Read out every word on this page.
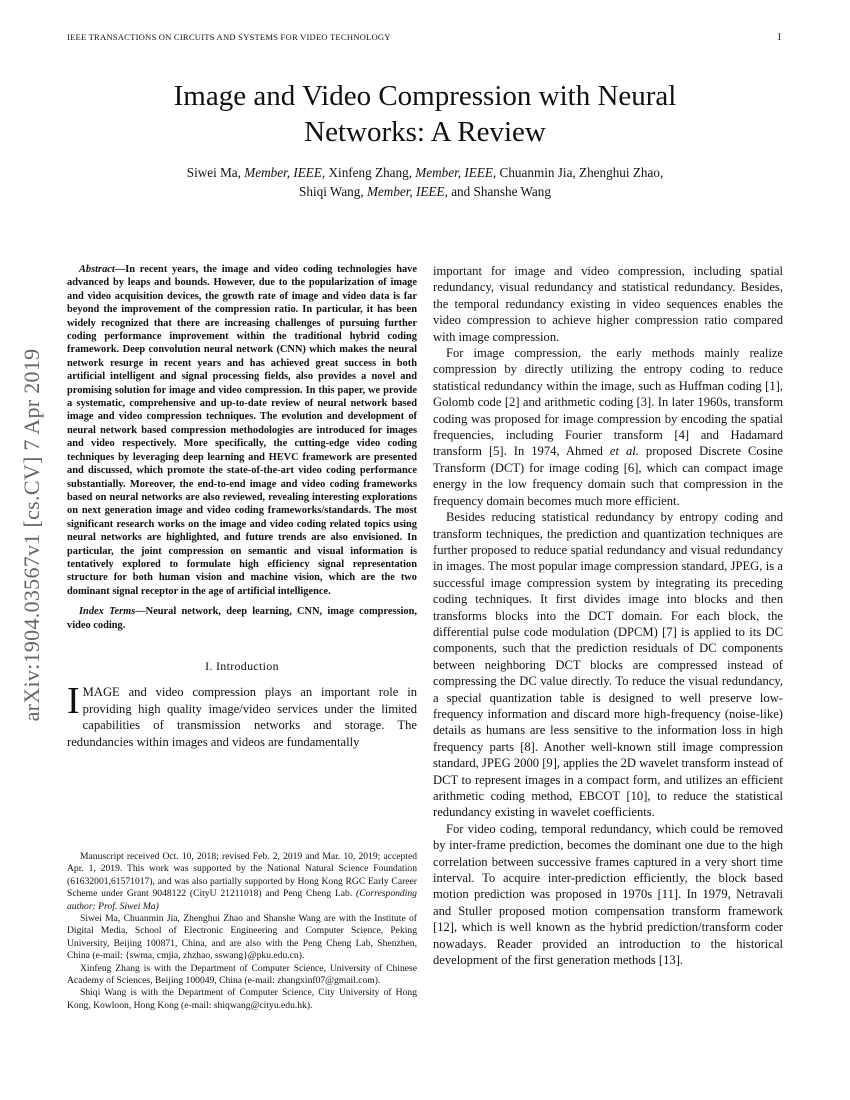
IEEE TRANSACTIONS ON CIRCUITS AND SYSTEMS FOR VIDEO TECHNOLOGY	1
arXiv:1904.03567v1 [cs.CV] 7 Apr 2019
Image and Video Compression with Neural
Networks: A Review
Siwei Ma, Member, IEEE, Xinfeng Zhang, Member, IEEE, Chuanmin Jia, Zhenghui Zhao,
Shiqi Wang, Member, IEEE, and Shanshe Wang

Abstract—In recent years, the image and video coding technologies have advanced by leaps and bounds. However, due to the popularization of image and video acquisition devices, the growth rate of image and video data is far beyond the improvement of the compression ratio. In particular, it has been widely recognized that there are increasing challenges of pursuing further coding performance improvement within the traditional hybrid coding framework. Deep convolution neural network (CNN) which makes the neural network resurge in recent years and has achieved great success in both artificial intelligent and signal processing fields, also provides a novel and promising solution for image and video compression. In this paper, we provide a systematic, comprehensive and up-to-date review of neural network based image and video compression techniques. The evolution and development of neural network based compression methodologies are introduced for images and video respectively. More specifically, the cutting-edge video coding techniques by leveraging deep learning and HEVC framework are presented and discussed, which promote the state-of-the-art video coding performance substantially. Moreover, the end-to-end image and video coding frameworks based on neural networks are also reviewed, revealing interesting explorations on next generation image and video coding frameworks/standards. The most significant research works on the image and video coding related topics using neural networks are highlighted, and future trends are also envisioned. In particular, the joint compression on semantic and visual information is tentatively explored to formulate high efficiency signal representation structure for both human vision and machine vision, which are the two dominant signal receptor in the age of artificial intelligence.

Index Terms—Neural network, deep learning, CNN, image compression, video coding.

I. Introduction

IMAGE and video compression plays an important role in providing high quality image/video services under the limited capabilities of transmission networks and storage. The redundancies within images and videos are fundamentally

Manuscript received Oct. 10, 2018; revised Feb. 2, 2019 and Mar. 10, 2019; accepted Apr. 1, 2019. This work was supported by the National Natural Science Foundation (61632001,61571017), and was also partially supported by Hong Kong RGC Early Career Scheme under Grant 9048122 (CityU 21211018) and Peng Cheng Lab. (Corresponding author: Prof. Siwei Ma)

Siwei Ma, Chuanmin Jia, Zhenghui Zhao and Shanshe Wang are with the Institute of Digital Media, School of Electronic Engineering and Computer Science, Peking University, Beijing 100871, China, and are also with the Peng Cheng Lab, Shenzhen, China (e-mail: {swma, cmjia, zhzhao, sswang}@pku.edu.cn).

Xinfeng Zhang is with the Department of Computer Science, University of Chinese Academy of Sciences, Beijing 100049, China (e-mail: zhangxinf07@gmail.com).

Shiqi Wang is with the Department of Computer Science, City University of Hong Kong, Kowloon, Hong Kong (e-mail: shiqwang@cityu.edu.hk).

important for image and video compression, including spatial redundancy, visual redundancy and statistical redundancy. Besides, the temporal redundancy existing in video sequences enables the video compression to achieve higher compression ratio compared with image compression.

For image compression, the early methods mainly realize compression by directly utilizing the entropy coding to reduce statistical redundancy within the image, such as Huffman coding [1], Golomb code [2] and arithmetic coding [3]. In later 1960s, transform coding was proposed for image compression by encoding the spatial frequencies, including Fourier transform [4] and Hadamard transform [5]. In 1974, Ahmed et al. proposed Discrete Cosine Transform (DCT) for image coding [6], which can compact image energy in the low frequency domain such that compression in the frequency domain becomes much more efficient.

Besides reducing statistical redundancy by entropy coding and transform techniques, the prediction and quantization techniques are further proposed to reduce spatial redundancy and visual redundancy in images. The most popular image compression standard, JPEG, is a successful image compression system by integrating its preceding coding techniques. It first divides image into blocks and then transforms blocks into the DCT domain. For each block, the differential pulse code modulation (DPCM) [7] is applied to its DC components, such that the prediction residuals of DC components between neighboring DCT blocks are compressed instead of compressing the DC value directly. To reduce the visual redundancy, a special quantization table is designed to well preserve low-frequency information and discard more high-frequency (noise-like) details as humans are less sensitive to the information loss in high frequency parts [8]. Another well-known still image compression standard, JPEG 2000 [9], applies the 2D wavelet transform instead of DCT to represent images in a compact form, and utilizes an efficient arithmetic coding method, EBCOT [10], to reduce the statistical redundancy existing in wavelet coefficients.

For video coding, temporal redundancy, which could be removed by inter-frame prediction, becomes the dominant one due to the high correlation between successive frames captured in a very short time interval. To acquire inter-prediction efficiently, the block based motion prediction was proposed in 1970s [11]. In 1979, Netravali and Stuller proposed motion compensation transform framework [12], which is well known as the hybrid prediction/transform coder nowadays. Reader provided an introduction to the historical development of the first generation methods [13].
